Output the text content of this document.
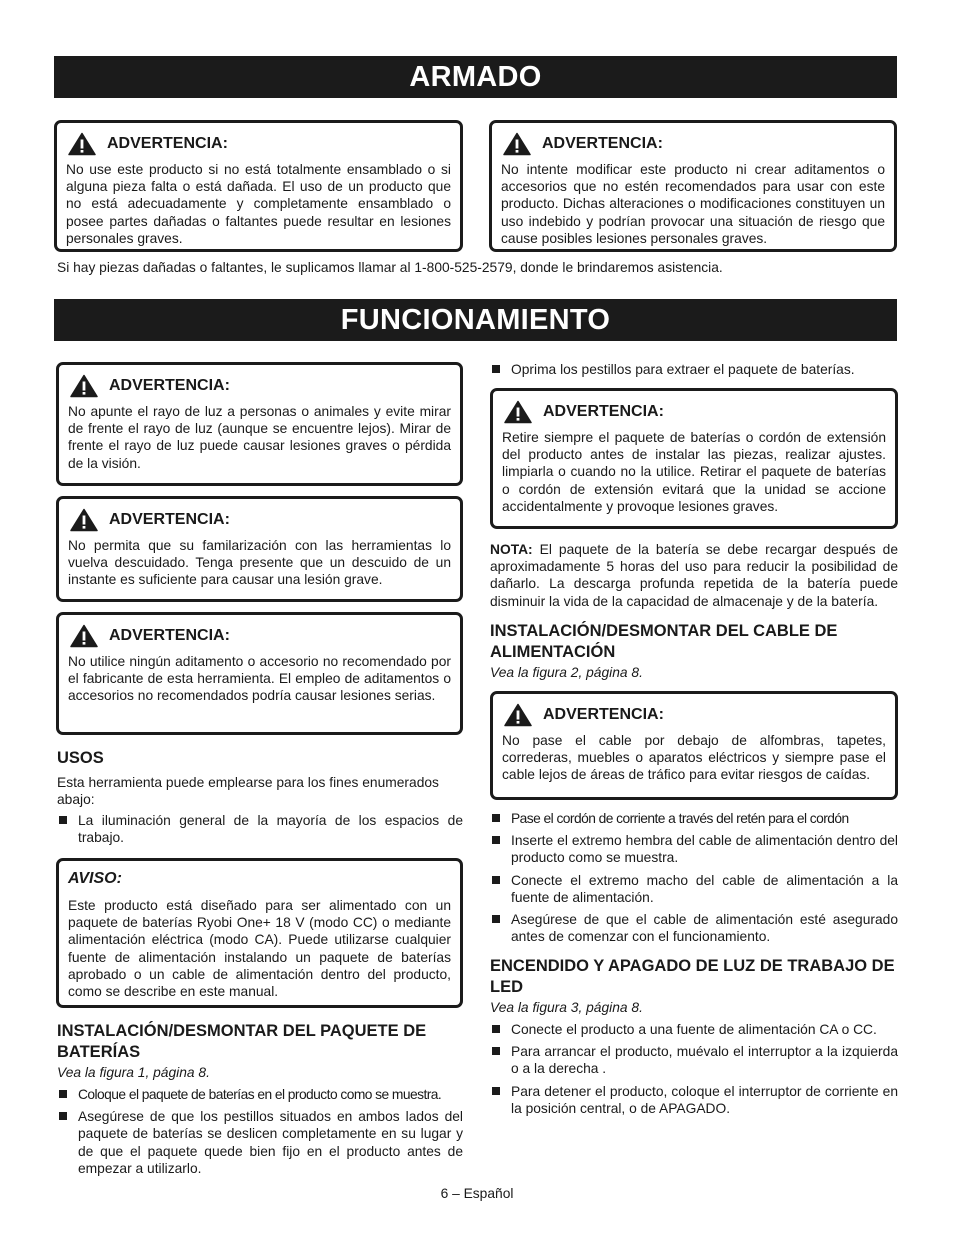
ARMADO
ADVERTENCIA:
No use este producto si no está totalmente ensamblado o si alguna pieza falta o está dañada. El uso de un producto que no está adecuadamente y completamente ensamblado o posee partes dañadas o faltantes puede resultar en lesiones personales graves.
ADVERTENCIA:
No intente modificar este producto ni crear aditamentos o accesorios que no estén recomendados para usar con este producto. Dichas alteraciones o modificaciones constituyen un uso indebido y podrían provocar una situación de riesgo que cause posibles lesiones personales graves.
Si hay piezas dañadas o faltantes, le suplicamos llamar al 1-800-525-2579, donde le brindaremos asistencia.
FUNCIONAMIENTO
ADVERTENCIA:
No apunte el rayo de luz a personas o animales y evite mirar de frente el rayo de luz (aunque se encuentre lejos). Mirar de frente el rayo de luz puede causar lesiones graves o pérdida de la visión.
ADVERTENCIA:
No permita que su familarización con las herramientas lo vuelva descuidado. Tenga presente que un descuido de un instante es suficiente para causar una lesión grave.
ADVERTENCIA:
No utilice ningún aditamento o accesorio no recomendado por el fabricante de esta herramienta. El empleo de aditamentos o accesorios no recomendados podría causar lesiones serias.
USOS
Esta herramienta puede emplearse para los fines enumerados abajo:
La iluminación general de la mayoría de los espacios de trabajo.
AVISO:
Este producto está diseñado para ser alimentado con un paquete de baterías Ryobi One+ 18 V (modo CC) o mediante alimentación eléctrica (modo CA). Puede utilizarse cualquier fuente de alimentación instalando un paquete de baterías aprobado o un cable de alimentación dentro del producto, como se describe en este manual.
INSTALACIÓN/DESMONTAR DEL PAQUETE DE BATERÍAS
Vea la figura 1, página 8.
Coloque el paquete de baterías en el producto como se muestra.
Asegúrese de que los pestillos situados en ambos lados del paquete de baterías se deslicen completamente en su lugar y de que el paquete quede bien fijo en el producto antes de empezar a utilizarlo.
Oprima los pestillos para extraer el paquete de baterías.
ADVERTENCIA:
Retire siempre el paquete de baterías o cordón de extensión del producto antes de instalar las piezas, realizar ajustes. limpiarla o cuando no la utilice. Retirar el paquete de baterías o cordón de extensión evitará que la unidad se accione accidentalmente y provoque lesiones graves.
NOTA: El paquete de la batería se debe recargar después de aproximadamente 5 horas del uso para reducir la posibilidad de dañarlo. La descarga profunda repetida de la batería puede disminuir la vida de la capacidad de almacenaje y de la batería.
INSTALACIÓN/DESMONTAR DEL CABLE DE ALIMENTACIÓN
Vea la figura 2, página 8.
ADVERTENCIA:
No pase el cable por debajo de alfombras, tapetes, correderas, muebles o aparatos eléctricos y siempre pase el cable lejos de áreas de tráfico para evitar riesgos de caídas.
Pase el cordón de corriente a través del retén para el cordón
Inserte el extremo hembra del cable de alimentación dentro del producto como se muestra.
Conecte el extremo macho del cable de alimentación a la fuente de alimentación.
Asegúrese de que el cable de alimentación esté asegurado antes de comenzar con el funcionamiento.
ENCENDIDO Y APAGADO DE LUZ DE TRABAJO DE LED
Vea la figura 3, página 8.
Conecte el producto a una fuente de alimentación CA o CC.
Para arrancar el producto, muévalo el interruptor a la izquierda o a la derecha .
Para detener el producto, coloque el interruptor de corriente en la posición central, o de APAGADO.
6 – Español
